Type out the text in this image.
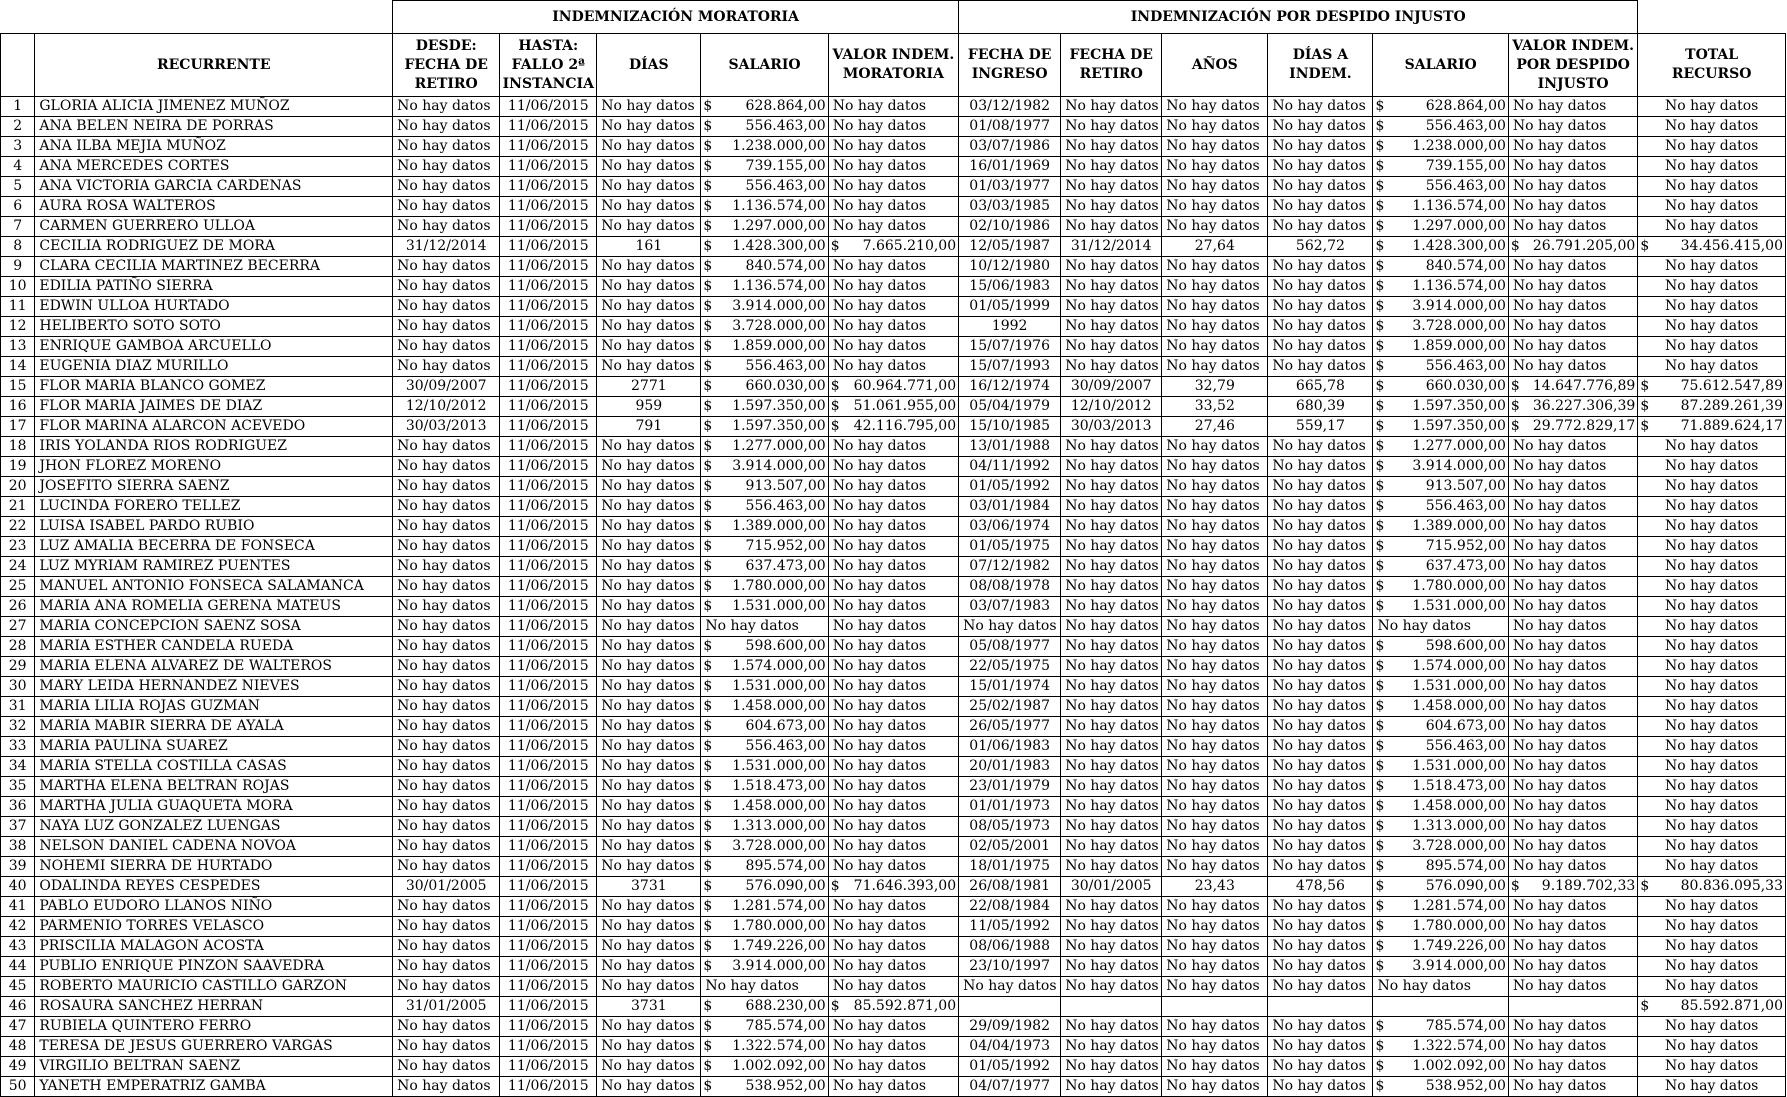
		INDEMNIZACIÓN MORATORIA					INDEMNIZACIÓN POR DESPIDO INJUSTO						
	RECURRENTE	DESDE:
FECHA DE
RETIRO	HASTA:
FALLO 2ª
INSTANCIA	DÍAS	SALARIO	VALOR INDEM.
MORATORIA	FECHA DE
INGRESO	FECHA DE
RETIRO	AÑOS	DÍAS A
INDEM.	SALARIO	VALOR INDEM.
POR DESPIDO
INJUSTO	TOTAL
RECURSO
1	GLORIA ALICIA JIMENEZ MUÑOZ	No hay datos	11/06/2015	No hay datos	$ 628.864,00	No hay datos	03/12/1982	No hay datos	No hay datos	No hay datos	$ 628.864,00	No hay datos	No hay datos
2	ANA BELEN NEIRA DE PORRAS	No hay datos	11/06/2015	No hay datos	$ 556.463,00	No hay datos	01/08/1977	No hay datos	No hay datos	No hay datos	$ 556.463,00	No hay datos	No hay datos
3	ANA ILBA MEJIA MUÑOZ	No hay datos	11/06/2015	No hay datos	$ 1.238.000,00	No hay datos	03/07/1986	No hay datos	No hay datos	No hay datos	$ 1.238.000,00	No hay datos	No hay datos
4	ANA MERCEDES CORTES	No hay datos	11/06/2015	No hay datos	$ 739.155,00	No hay datos	16/01/1969	No hay datos	No hay datos	No hay datos	$ 739.155,00	No hay datos	No hay datos
5	ANA VICTORIA GARCIA CARDENAS	No hay datos	11/06/2015	No hay datos	$ 556.463,00	No hay datos	01/03/1977	No hay datos	No hay datos	No hay datos	$ 556.463,00	No hay datos	No hay datos
6	AURA ROSA WALTEROS	No hay datos	11/06/2015	No hay datos	$ 1.136.574,00	No hay datos	03/03/1985	No hay datos	No hay datos	No hay datos	$ 1.136.574,00	No hay datos	No hay datos
7	CARMEN GUERRERO ULLOA	No hay datos	11/06/2015	No hay datos	$ 1.297.000,00	No hay datos	02/10/1986	No hay datos	No hay datos	No hay datos	$ 1.297.000,00	No hay datos	No hay datos
8	CECILIA RODRIGUEZ DE MORA	31/12/2014	11/06/2015	161	$ 1.428.300,00	$ 7.665.210,00	12/05/1987	31/12/2014	27,64	562,72	$ 1.428.300,00	$ 26.791.205,00	$ 34.456.415,00
9	CLARA CECILIA MARTINEZ BECERRA	No hay datos	11/06/2015	No hay datos	$ 840.574,00	No hay datos	10/12/1980	No hay datos	No hay datos	No hay datos	$ 840.574,00	No hay datos	No hay datos
10	EDILIA PATIÑO SIERRA	No hay datos	11/06/2015	No hay datos	$ 1.136.574,00	No hay datos	15/06/1983	No hay datos	No hay datos	No hay datos	$ 1.136.574,00	No hay datos	No hay datos
11	EDWIN ULLOA HURTADO	No hay datos	11/06/2015	No hay datos	$ 3.914.000,00	No hay datos	01/05/1999	No hay datos	No hay datos	No hay datos	$ 3.914.000,00	No hay datos	No hay datos
12	HELIBERTO SOTO SOTO	No hay datos	11/06/2015	No hay datos	$ 3.728.000,00	No hay datos	1992	No hay datos	No hay datos	No hay datos	$ 3.728.000,00	No hay datos	No hay datos
13	ENRIQUE GAMBOA ARCUELLO	No hay datos	11/06/2015	No hay datos	$ 1.859.000,00	No hay datos	15/07/1976	No hay datos	No hay datos	No hay datos	$ 1.859.000,00	No hay datos	No hay datos
14	EUGENIA DIAZ MURILLO	No hay datos	11/06/2015	No hay datos	$ 556.463,00	No hay datos	15/07/1993	No hay datos	No hay datos	No hay datos	$ 556.463,00	No hay datos	No hay datos
15	FLOR MARIA BLANCO GOMEZ	30/09/2007	11/06/2015	2771	$ 660.030,00	$ 60.964.771,00	16/12/1974	30/09/2007	32,79	665,78	$ 660.030,00	$ 14.647.776,89	$ 75.612.547,89
16	FLOR MARIA JAIMES DE DIAZ	12/10/2012	11/06/2015	959	$ 1.597.350,00	$ 51.061.955,00	05/04/1979	12/10/2012	33,52	680,39	$ 1.597.350,00	$ 36.227.306,39	$ 87.289.261,39
17	FLOR MARINA ALARCON ACEVEDO	30/03/2013	11/06/2015	791	$ 1.597.350,00	$ 42.116.795,00	15/10/1985	30/03/2013	27,46	559,17	$ 1.597.350,00	$ 29.772.829,17	$ 71.889.624,17
18	IRIS YOLANDA RIOS RODRIGUEZ	No hay datos	11/06/2015	No hay datos	$ 1.277.000,00	No hay datos	13/01/1988	No hay datos	No hay datos	No hay datos	$ 1.277.000,00	No hay datos	No hay datos
19	JHON FLOREZ MORENO	No hay datos	11/06/2015	No hay datos	$ 3.914.000,00	No hay datos	04/11/1992	No hay datos	No hay datos	No hay datos	$ 3.914.000,00	No hay datos	No hay datos
20	JOSEFITO SIERRA SAENZ	No hay datos	11/06/2015	No hay datos	$ 913.507,00	No hay datos	01/05/1992	No hay datos	No hay datos	No hay datos	$ 913.507,00	No hay datos	No hay datos
21	LUCINDA FORERO TELLEZ	No hay datos	11/06/2015	No hay datos	$ 556.463,00	No hay datos	03/01/1984	No hay datos	No hay datos	No hay datos	$ 556.463,00	No hay datos	No hay datos
22	LUISA ISABEL PARDO RUBIO	No hay datos	11/06/2015	No hay datos	$ 1.389.000,00	No hay datos	03/06/1974	No hay datos	No hay datos	No hay datos	$ 1.389.000,00	No hay datos	No hay datos
23	LUZ AMALIA BECERRA DE FONSECA	No hay datos	11/06/2015	No hay datos	$ 715.952,00	No hay datos	01/05/1975	No hay datos	No hay datos	No hay datos	$ 715.952,00	No hay datos	No hay datos
24	LUZ MYRIAM RAMIREZ PUENTES	No hay datos	11/06/2015	No hay datos	$ 637.473,00	No hay datos	07/12/1982	No hay datos	No hay datos	No hay datos	$ 637.473,00	No hay datos	No hay datos
25	MANUEL ANTONIO FONSECA SALAMANCA	No hay datos	11/06/2015	No hay datos	$ 1.780.000,00	No hay datos	08/08/1978	No hay datos	No hay datos	No hay datos	$ 1.780.000,00	No hay datos	No hay datos
26	MARIA ANA ROMELIA GERENA MATEUS	No hay datos	11/06/2015	No hay datos	$ 1.531.000,00	No hay datos	03/07/1983	No hay datos	No hay datos	No hay datos	$ 1.531.000,00	No hay datos	No hay datos
27	MARIA CONCEPCION SAENZ SOSA	No hay datos	11/06/2015	No hay datos	No hay datos	No hay datos	No hay datos	No hay datos	No hay datos	No hay datos	No hay datos	No hay datos	No hay datos
28	MARIA ESTHER CANDELA RUEDA	No hay datos	11/06/2015	No hay datos	$ 598.600,00	No hay datos	05/08/1977	No hay datos	No hay datos	No hay datos	$ 598.600,00	No hay datos	No hay datos
29	MARIA ELENA ALVAREZ DE WALTEROS	No hay datos	11/06/2015	No hay datos	$ 1.574.000,00	No hay datos	22/05/1975	No hay datos	No hay datos	No hay datos	$ 1.574.000,00	No hay datos	No hay datos
30	MARY LEIDA HERNANDEZ NIEVES	No hay datos	11/06/2015	No hay datos	$ 1.531.000,00	No hay datos	15/01/1974	No hay datos	No hay datos	No hay datos	$ 1.531.000,00	No hay datos	No hay datos
31	MARIA LILIA ROJAS GUZMAN	No hay datos	11/06/2015	No hay datos	$ 1.458.000,00	No hay datos	25/02/1987	No hay datos	No hay datos	No hay datos	$ 1.458.000,00	No hay datos	No hay datos
32	MARIA MABIR SIERRA DE AYALA	No hay datos	11/06/2015	No hay datos	$ 604.673,00	No hay datos	26/05/1977	No hay datos	No hay datos	No hay datos	$ 604.673,00	No hay datos	No hay datos
33	MARIA PAULINA SUAREZ	No hay datos	11/06/2015	No hay datos	$ 556.463,00	No hay datos	01/06/1983	No hay datos	No hay datos	No hay datos	$ 556.463,00	No hay datos	No hay datos
34	MARIA STELLA COSTILLA CASAS	No hay datos	11/06/2015	No hay datos	$ 1.531.000,00	No hay datos	20/01/1983	No hay datos	No hay datos	No hay datos	$ 1.531.000,00	No hay datos	No hay datos
35	MARTHA ELENA BELTRAN ROJAS	No hay datos	11/06/2015	No hay datos	$ 1.518.473,00	No hay datos	23/01/1979	No hay datos	No hay datos	No hay datos	$ 1.518.473,00	No hay datos	No hay datos
36	MARTHA JULIA GUAQUETA MORA	No hay datos	11/06/2015	No hay datos	$ 1.458.000,00	No hay datos	01/01/1973	No hay datos	No hay datos	No hay datos	$ 1.458.000,00	No hay datos	No hay datos
37	NAYA LUZ GONZALEZ LUENGAS	No hay datos	11/06/2015	No hay datos	$ 1.313.000,00	No hay datos	08/05/1973	No hay datos	No hay datos	No hay datos	$ 1.313.000,00	No hay datos	No hay datos
38	NELSON DANIEL CADENA NOVOA	No hay datos	11/06/2015	No hay datos	$ 3.728.000,00	No hay datos	02/05/2001	No hay datos	No hay datos	No hay datos	$ 3.728.000,00	No hay datos	No hay datos
39	NOHEMI SIERRA DE HURTADO	No hay datos	11/06/2015	No hay datos	$ 895.574,00	No hay datos	18/01/1975	No hay datos	No hay datos	No hay datos	$ 895.574,00	No hay datos	No hay datos
40	ODALINDA REYES CESPEDES	30/01/2005	11/06/2015	3731	$ 576.090,00	$ 71.646.393,00	26/08/1981	30/01/2005	23,43	478,56	$ 576.090,00	$ 9.189.702,33	$ 80.836.095,33
41	PABLO EUDORO LLANOS NIÑO	No hay datos	11/06/2015	No hay datos	$ 1.281.574,00	No hay datos	22/08/1984	No hay datos	No hay datos	No hay datos	$ 1.281.574,00	No hay datos	No hay datos
42	PARMENIO TORRES VELASCO	No hay datos	11/06/2015	No hay datos	$ 1.780.000,00	No hay datos	11/05/1992	No hay datos	No hay datos	No hay datos	$ 1.780.000,00	No hay datos	No hay datos
43	PRISCILIA MALAGON ACOSTA	No hay datos	11/06/2015	No hay datos	$ 1.749.226,00	No hay datos	08/06/1988	No hay datos	No hay datos	No hay datos	$ 1.749.226,00	No hay datos	No hay datos
44	PUBLIO ENRIQUE PINZON SAAVEDRA	No hay datos	11/06/2015	No hay datos	$ 3.914.000,00	No hay datos	23/10/1997	No hay datos	No hay datos	No hay datos	$ 3.914.000,00	No hay datos	No hay datos
45	ROBERTO MAURICIO CASTILLO GARZON	No hay datos	11/06/2015	No hay datos	No hay datos	No hay datos	No hay datos	No hay datos	No hay datos	No hay datos	No hay datos	No hay datos	No hay datos
46	ROSAURA SANCHEZ HERRAN	31/01/2005	11/06/2015	3731	$ 688.230,00	$ 85.592.871,00							$ 85.592.871,00
47	RUBIELA QUINTERO FERRO	No hay datos	11/06/2015	No hay datos	$ 785.574,00	No hay datos	29/09/1982	No hay datos	No hay datos	No hay datos	$ 785.574,00	No hay datos	No hay datos
48	TERESA DE JESUS GUERRERO VARGAS	No hay datos	11/06/2015	No hay datos	$ 1.322.574,00	No hay datos	04/04/1973	No hay datos	No hay datos	No hay datos	$ 1.322.574,00	No hay datos	No hay datos
49	VIRGILIO BELTRAN SAENZ	No hay datos	11/06/2015	No hay datos	$ 1.002.092,00	No hay datos	01/05/1992	No hay datos	No hay datos	No hay datos	$ 1.002.092,00	No hay datos	No hay datos
50	YANETH EMPERATRIZ GAMBA	No hay datos	11/06/2015	No hay datos	$ 538.952,00	No hay datos	04/07/1977	No hay datos	No hay datos	No hay datos	$ 538.952,00	No hay datos	No hay datos
